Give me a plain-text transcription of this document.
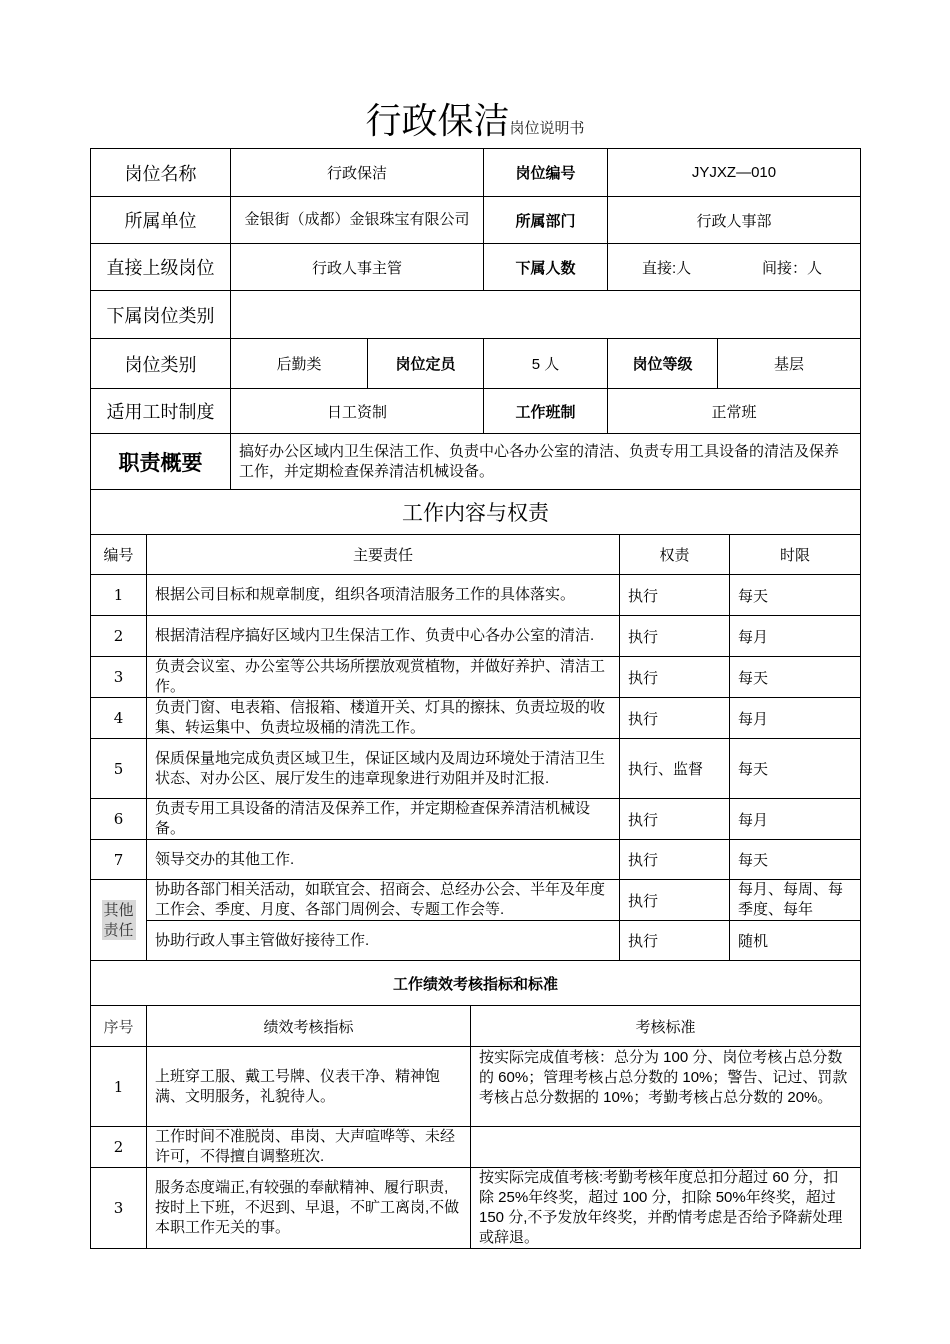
行政保洁岗位说明书
岗位名称	行政保洁		岗位编号	JYJXZ—010	
所属单位	金银街（成都）金银珠宝有限公司		所属部门	行政人事部	
直接上级岗位	行政人事主管		下属人数	直接:人 间接：人	
下属岗位类别					
岗位类别	后勤类	岗位定员	5 人	岗位等级	基层
适用工时制度	日工资制		工作班制	正常班	
职责概要	搞好办公区域内卫生保洁工作、负责中心各办公室的清洁、负责专用工具设备的清洁及保养工作，并定期检查保养清洁机械设备。				
工作内容与权责			
编号	主要责任	权责	时限
1	根据公司目标和规章制度，组织各项清洁服务工作的具体落实。	执行	每天
2	根据清洁程序搞好区域内卫生保洁工作、负责中心各办公室的清洁.	执行	每月
3	负责会议室、办公室等公共场所摆放观赏植物，并做好养护、清洁工作。	执行	每天
4	负责门窗、电表箱、信报箱、楼道开关、灯具的擦抹、负责垃圾的收集、转运集中、负责垃圾桶的清洗工作。	执行	每月
5	保质保量地完成负责区域卫生，保证区域内及周边环境处于清洁卫生状态、对办公区、展厅发生的违章现象进行劝阻并及时汇报.	执行、监督	每天
6	负责专用工具设备的清洁及保养工作，并定期检查保养清洁机械设备。	执行	每月
7	领导交办的其他工作.	执行	每天
其他责任	协助各部门相关活动，如联宜会、招商会、总经办公会、半年及年度工作会、季度、月度、各部门周例会、专题工作会等.	执行	每月、每周、每季度、每年
	协助行政人事主管做好接待工作.	执行	随机
工作绩效考核指标和标准		
序号	绩效考核指标	考核标准
1	上班穿工服、戴工号牌、仪表干净、精神饱满、文明服务，礼貌待人。	按实际完成值考核：总分为 100 分、岗位考核占总分数的 60%；管理考核占总分数的 10%；警告、记过、罚款考核占总分数据的 10%；考勤考核占总分数的 20%。
2	工作时间不准脱岗、串岗、大声喧哗等、未经许可，不得擅自调整班次.	
3	服务态度端正,有较强的奉献精神、履行职责,按时上下班，不迟到、早退，不旷工离岗,不做本职工作无关的事。	按实际完成值考核:考勤考核年度总扣分超过 60 分，扣除 25%年终奖，超过 100 分，扣除 50%年终奖，超过 150 分,不予发放年终奖，并酌情考虑是否给予降薪处理或辞退。
